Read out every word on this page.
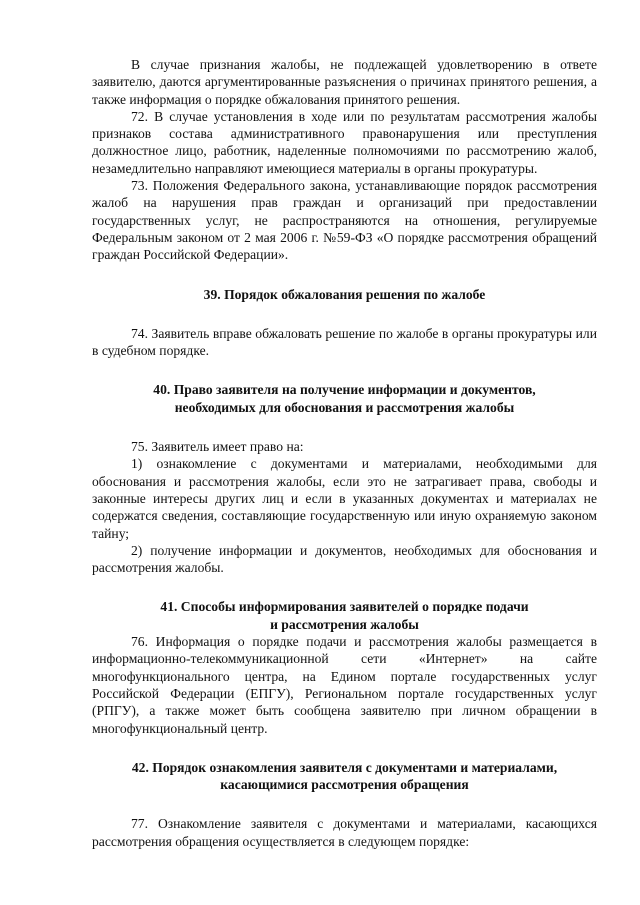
В случае признания жалобы, не подлежащей удовлетворению в ответе заявителю, даются аргументированные разъяснения о причинах принятого решения, а также информация о порядке обжалования принятого решения.

72. В случае установления в ходе или по результатам рассмотрения жалобы признаков состава административного правонарушения или преступления должностное лицо, работник, наделенные полномочиями по рассмотрению жалоб, незамедлительно направляют имеющиеся материалы в органы прокуратуры.

73. Положения Федерального закона, устанавливающие порядок рассмотрения жалоб на нарушения прав граждан и организаций при предоставлении государственных услуг, не распространяются на отношения, регулируемые Федеральным законом от 2 мая 2006 г. №59-ФЗ «О порядке рассмотрения обращений граждан Российской Федерации».

39. Порядок обжалования решения по жалобе

74. Заявитель вправе обжаловать решение по жалобе в органы прокуратуры или в судебном порядке.

40. Право заявителя на получение информации и документов,

необходимых для обоснования и рассмотрения жалобы

75. Заявитель имеет право на:

1) ознакомление с документами и материалами, необходимыми для обоснования и рассмотрения жалобы, если это не затрагивает права, свободы и законные интересы других лиц и если в указанных документах и материалах не содержатся сведения, составляющие государственную или иную охраняемую законом тайну;

2) получение информации и документов, необходимых для обоснования и рассмотрения жалобы.

41. Способы информирования заявителей о порядке подачи

и рассмотрения жалобы

76. Информация о порядке подачи и рассмотрения жалобы размещается в информационно-телекоммуникационной сети «Интернет» на сайте многофункционального центра, на Едином портале государственных услуг Российской Федерации (ЕПГУ), Региональном портале государственных услуг (РПГУ), а также может быть сообщена заявителю при личном обращении в многофункциональный центр.

42. Порядок ознакомления заявителя с документами и материалами,

касающимися рассмотрения обращения

77. Ознакомление заявителя с документами и материалами, касающихся рассмотрения обращения осуществляется в следующем порядке:
